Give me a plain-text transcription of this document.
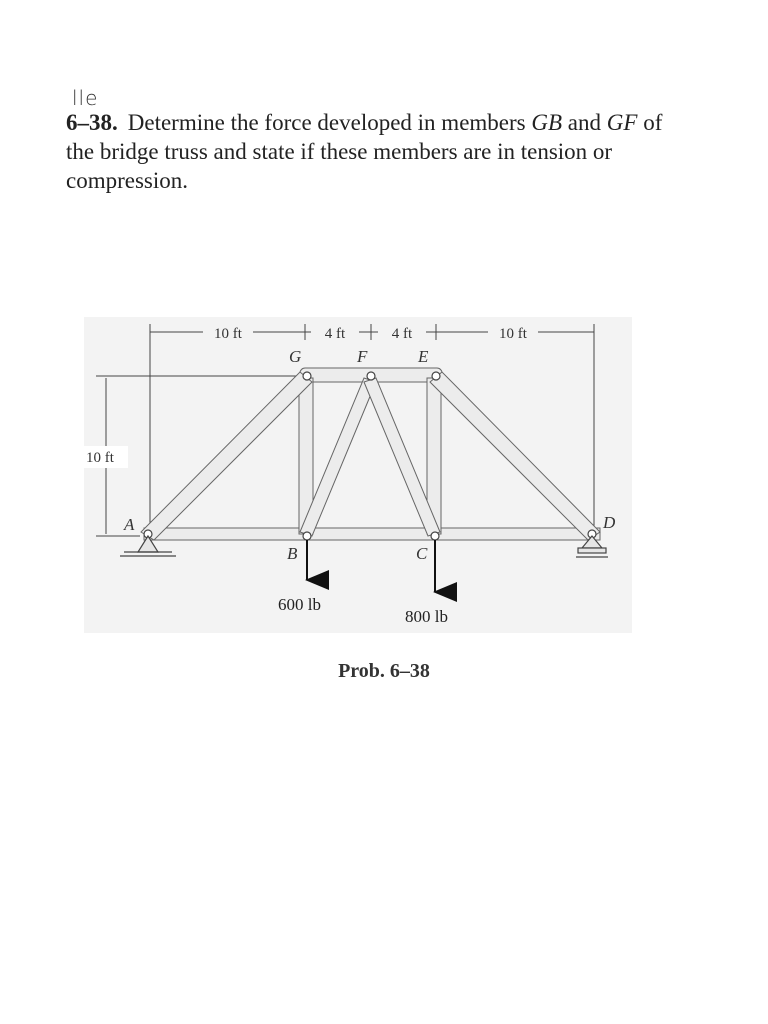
lle
6–38. Determine the force developed in members GB and GF of the bridge truss and state if these members are in tension or compression.
10 ft	4 ft	4 ft	10 ft
10 ft
G	F	E
A	D
B	C
600 lb
800 lb
Prob. 6–38
